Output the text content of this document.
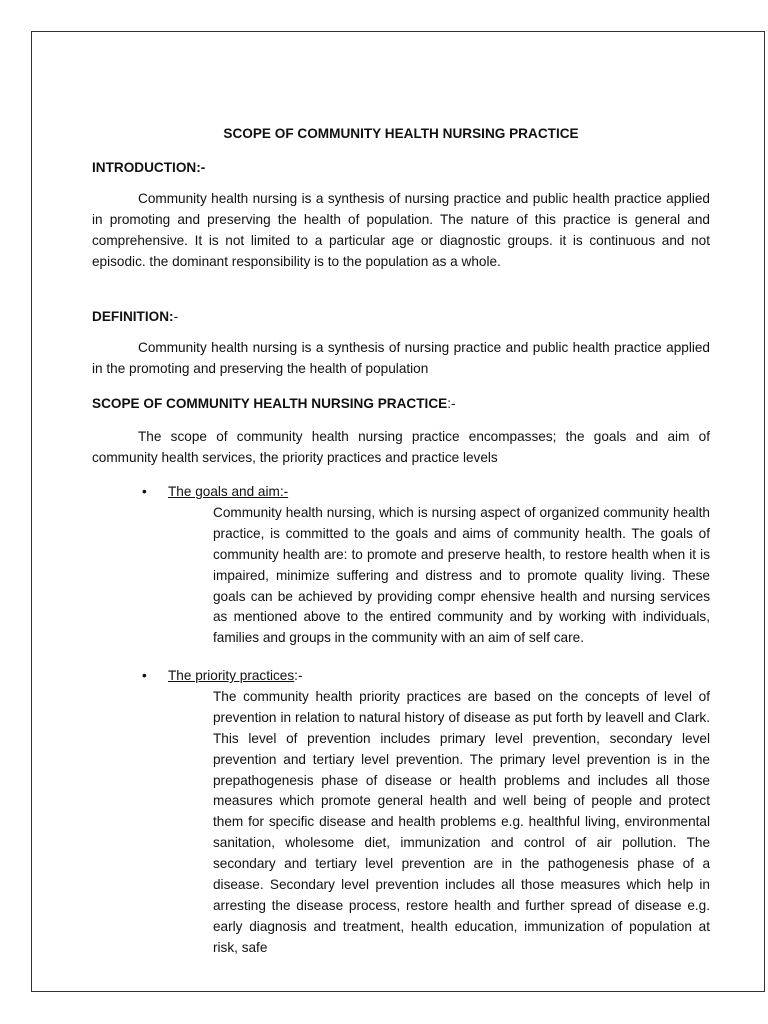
SCOPE OF COMMUNITY HEALTH NURSING PRACTICE

INTRODUCTION:-

Community health nursing is a synthesis of nursing practice and public health practice applied in promoting and preserving the health of population. The nature of this practice is general and comprehensive. It is not limited to a particular age or diagnostic groups. it is continuous and not episodic. the dominant responsibility is to the population as a whole.

DEFINITION:-

Community health nursing is a synthesis of nursing practice and public health practice applied in the promoting and preserving the health of population

SCOPE OF COMMUNITY HEALTH NURSING PRACTICE:-

The scope of community health nursing practice encompasses; the goals and aim of community health services, the priority practices and practice levels

• The goals and aim:-

Community health nursing, which is nursing aspect of organized community health practice, is committed to the goals and aims of community health. The goals of community health are: to promote and preserve health, to restore health when it is impaired, minimize suffering and distress and to promote quality living. These goals can be achieved by providing compr ehensive health and nursing services as mentioned above to the entired community and by working with individuals, families and groups in the community with an aim of self care.

• The priority practices:-

The community health priority practices are based on the concepts of level of prevention in relation to natural history of disease as put forth by leavell and Clark. This level of prevention includes primary level prevention, secondary level prevention and tertiary level prevention. The primary level prevention is in the prepathogenesis phase of disease or health problems and includes all those measures which promote general health and well being of people and protect them for specific disease and health problems e.g. healthful living, environmental sanitation, wholesome diet, immunization and control of air pollution. The secondary and tertiary level prevention are in the pathogenesis phase of a disease. Secondary level prevention includes all those measures which help in arresting the disease process, restore health and further spread of disease e.g. early diagnosis and treatment, health education, immunization of population at risk, safe
